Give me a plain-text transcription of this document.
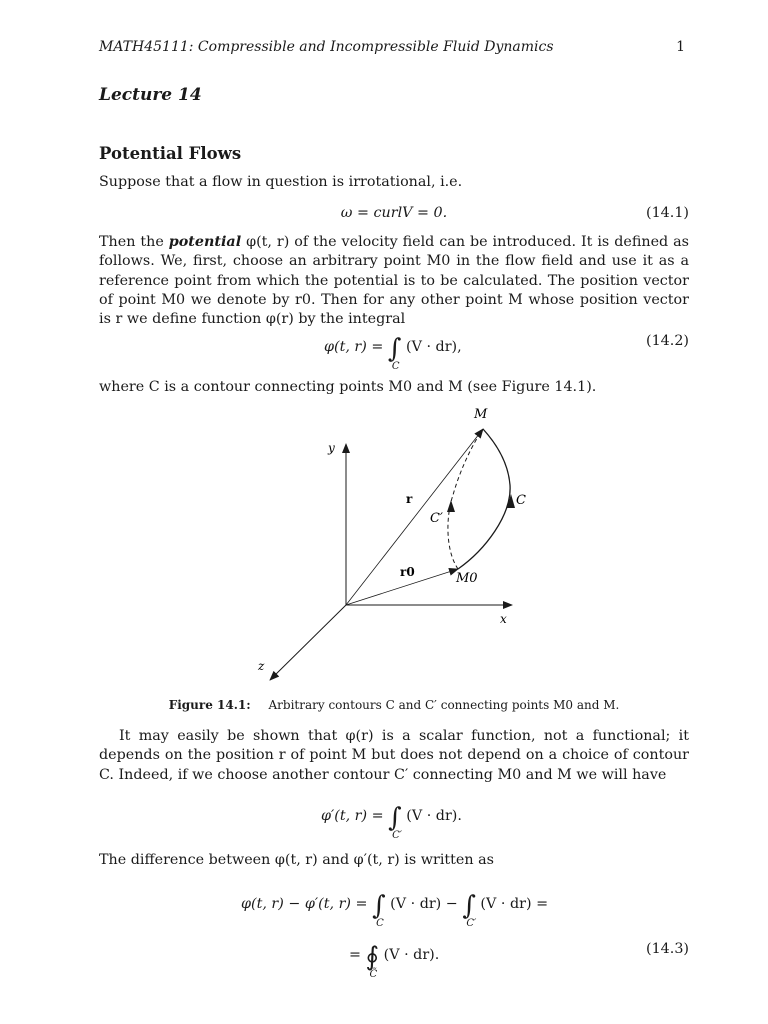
MATH45111: Compressible and Incompressible Fluid Dynamics	1
Lecture 14
Potential Flows
Suppose that a flow in question is irrotational, i.e.
ω = curlV = 0.	(14.1)
Then the potential φ(t, r) of the velocity field can be introduced. It is defined as follows. We, first, choose an arbitrary point M0 in the flow field and use it as a reference point from which the potential is to be calculated. The position vector of point M0 we denote by r0. Then for any other point M whose position vector is r we define function φ(r) by the integral
φ(t, r) = ∫
C
(V · dr),	(14.2)
where C is a contour connecting points M0 and M (see Figure 14.1).
y
x
z
M
M0
C
C′
r
r0
Figure 14.1: Arbitrary contours C and C′ connecting points M0 and M.
It may easily be shown that φ(r) is a scalar function, not a functional; it depends on the position r of point M but does not depend on a choice of contour C. Indeed, if we choose another contour C′ connecting M0 and M we will have
φ′(t, r) = ∫
C′
(V · dr).
The difference between φ(t, r) and φ′(t, r) is written as
φ(t, r) − φ′(t, r) = ∫
C
(V · dr) − ∫
C′
(V · dr) =
= ∮
C̃
(V · dr).	(14.3)
